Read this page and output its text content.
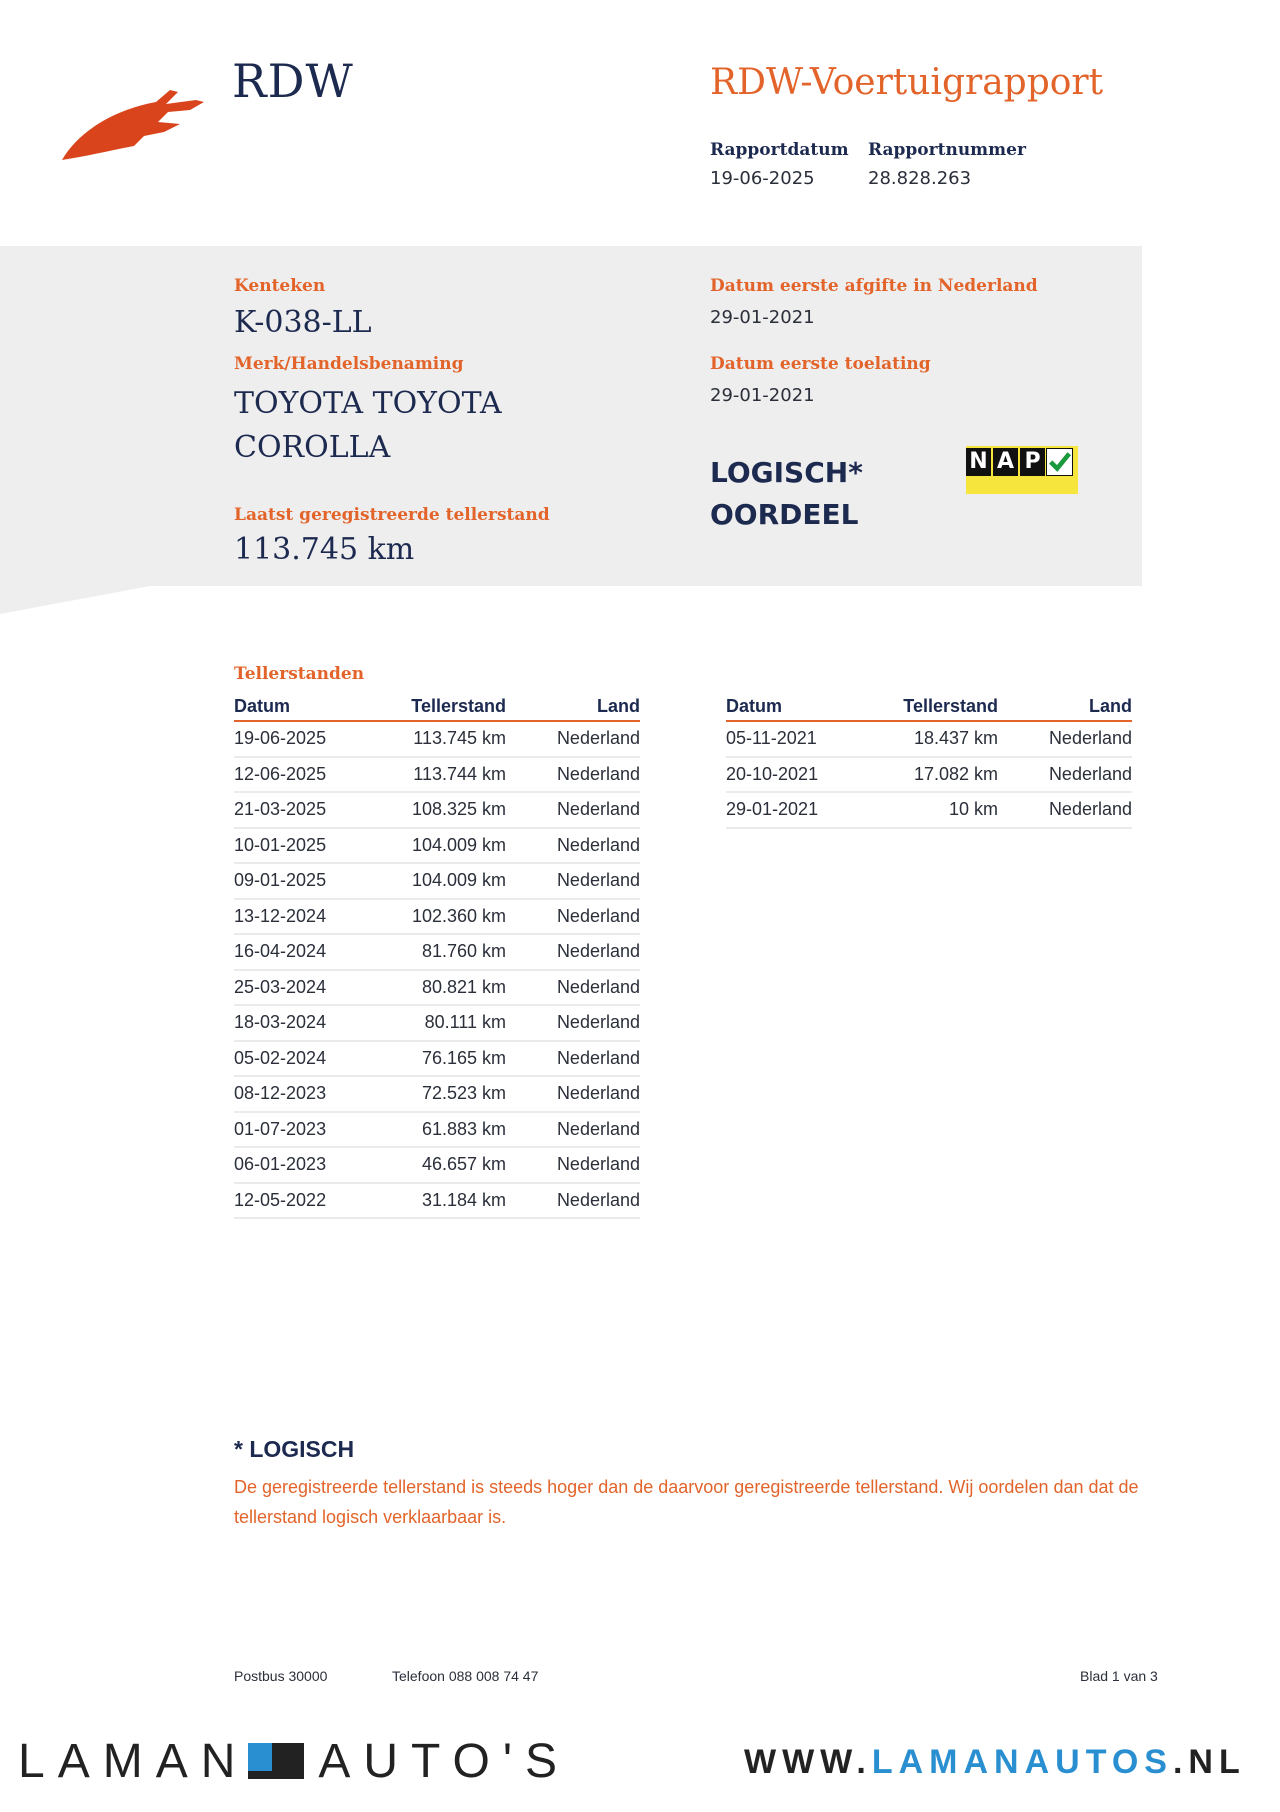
RDW	RDW-Voertuigrapport
Rapportdatum
19-06-2025
Rapportnummer
28.828.263
Kenteken
K-038-LL
Merk/Handelsbenaming
TOYOTA TOYOTA
COROLLA
Laatst geregistreerde tellerstand
113.745 km
Datum eerste afgifte in Nederland
29-01-2021
Datum eerste toelating
29-01-2021
LOGISCH*
OORDEEL
N A P
Tellerstanden
Datum	Tellerstand	Land
19-06-2025	113.745 km	Nederland
12-06-2025	113.744 km	Nederland
21-03-2025	108.325 km	Nederland
10-01-2025	104.009 km	Nederland
09-01-2025	104.009 km	Nederland
13-12-2024	102.360 km	Nederland
16-04-2024	81.760 km	Nederland
25-03-2024	80.821 km	Nederland
18-03-2024	80.111 km	Nederland
05-02-2024	76.165 km	Nederland
08-12-2023	72.523 km	Nederland
01-07-2023	61.883 km	Nederland
06-01-2023	46.657 km	Nederland
12-05-2022	31.184 km	Nederland
Datum	Tellerstand	Land
05-11-2021	18.437 km	Nederland
20-10-2021	17.082 km	Nederland
29-01-2021	10 km	Nederland
* LOGISCH
De geregistreerde tellerstand is steeds hoger dan de daarvoor geregistreerde tellerstand. Wij oordelen dan dat de tellerstand logisch verklaarbaar is.
Postbus 30000	Telefoon 088 008 74 47	Blad 1 van 3
LAMAN AUTO'S	WWW.LAMANAUTOS.NL
